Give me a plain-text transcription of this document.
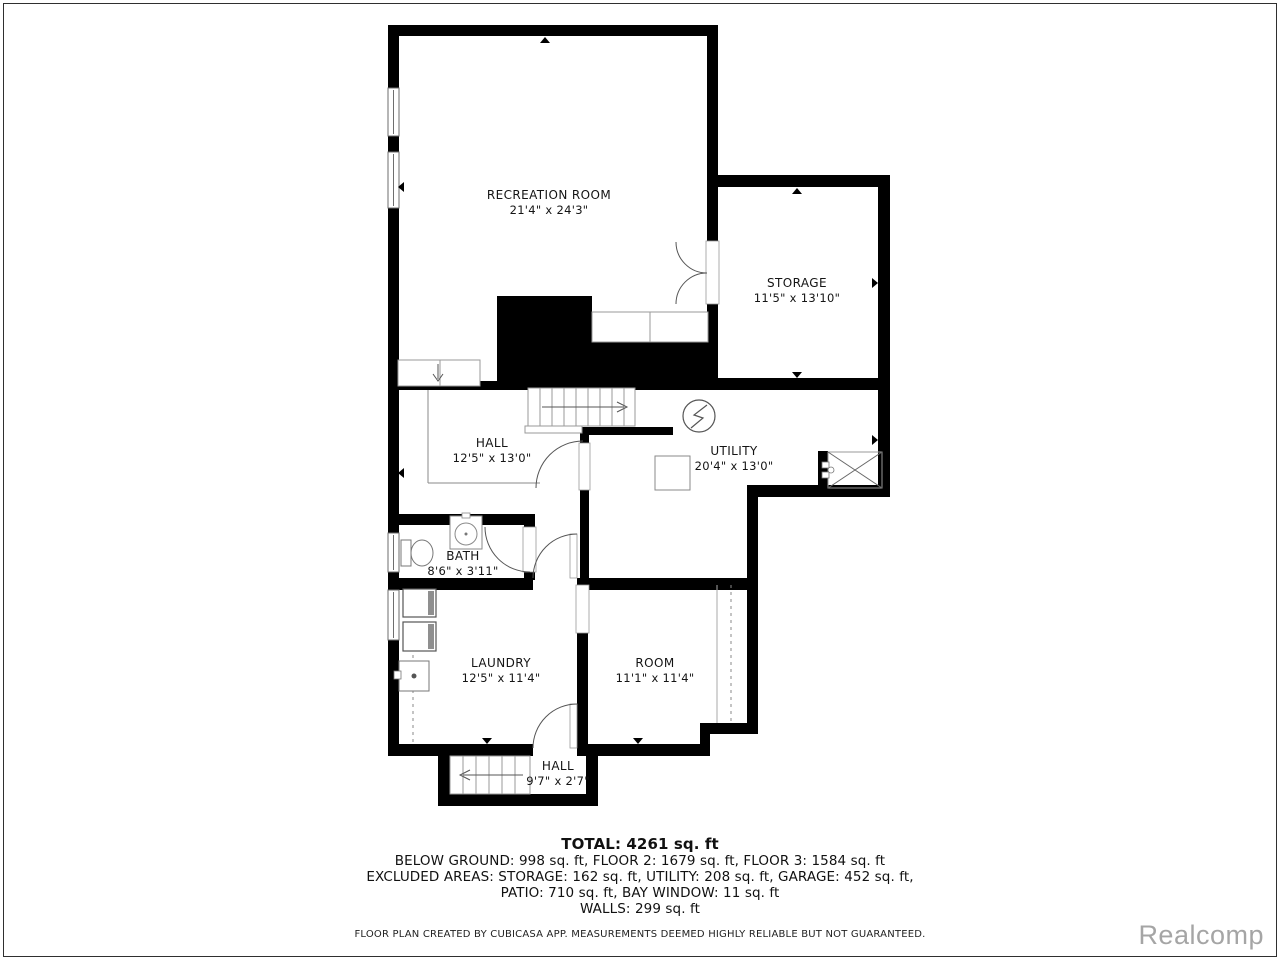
RECREATION ROOM
21'4" x 24'3"
STORAGE
11'5" x 13'10"
HALL
12'5" x 13'0"	UTILITY
20'4" x 13'0"
BATH
8'6" x 3'11"
LAUNDRY
12'5" x 11'4"
ROOM
11'1" x 11'4"
HALL
9'7" x 2'7"
TOTAL: 4261 sq. ft
BELOW GROUND: 998 sq. ft, FLOOR 2: 1679 sq. ft, FLOOR 3: 1584 sq. ft
EXCLUDED AREAS: STORAGE: 162 sq. ft, UTILITY: 208 sq. ft, GARAGE: 452 sq. ft,
PATIO: 710 sq. ft, BAY WINDOW: 11 sq. ft
WALLS: 299 sq. ft
FLOOR PLAN CREATED BY CUBICASA APP. MEASUREMENTS DEEMED HIGHLY RELIABLE BUT NOT GUARANTEED.	Realcomp
